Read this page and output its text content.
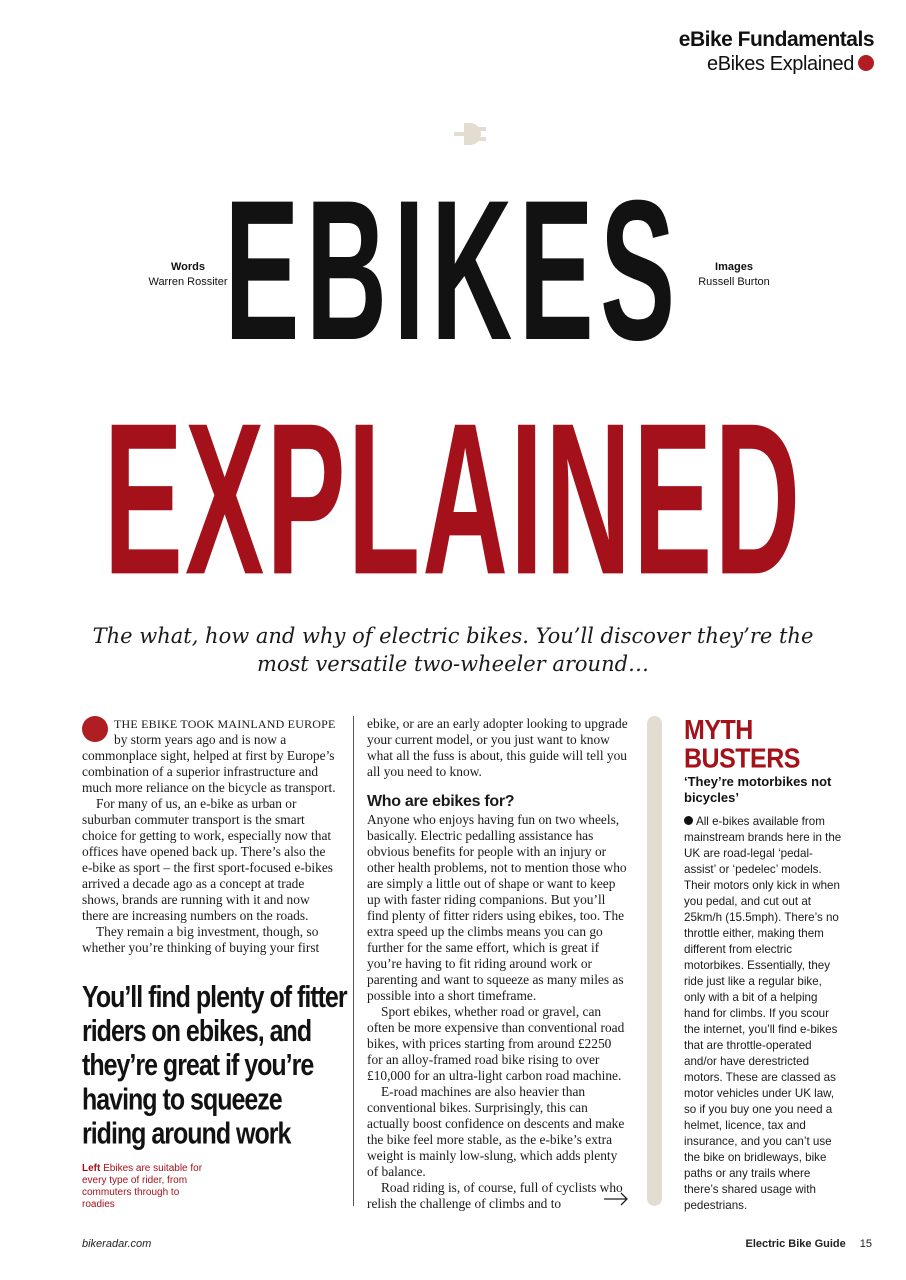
eBike Fundamentals
eBikes Explained
Words
Warren Rossiter
Images
Russell Burton
EBIKES
EXPLAINED
The what, how and why of electric bikes. You’ll discover they’re the
most versatile two-wheeler around…

THE EBIKE TOOK MAINLAND EUROPE by storm years ago and is now a commonplace sight, helped at first by Europe’s combination of a superior infrastructure and much more reliance on the bicycle as transport.

For many of us, an e-bike as urban or suburban commuter transport is the smart choice for getting to work, especially now that offices have opened back up. There’s also the e-bike as sport – the first sport-focused e-bikes arrived a decade ago as a concept at trade shows, brands are running with it and now there are increasing numbers on the roads.

They remain a big investment, though, so whether you’re thinking of buying your first

You’ll find plenty of fitter riders on ebikes, and they’re great if you’re having to squeeze riding around work
Left Ebikes are suitable for every type of rider, from commuters through to roadies

ebike, or are an early adopter looking to upgrade your current model, or you just want to know what all the fuss is about, this guide will tell you all you need to know.

Who are ebikes for?

Anyone who enjoys having fun on two wheels, basically. Electric pedalling assistance has obvious benefits for people with an injury or other health problems, not to mention those who are simply a little out of shape or want to keep up with faster riding companions. But you’ll find plenty of fitter riders using ebikes, too. The extra speed up the climbs means you can go further for the same effort, which is great if you’re having to fit riding around work or parenting and want to squeeze as many miles as possible into a short timeframe.

Sport ebikes, whether road or gravel, can often be more expensive than conventional road bikes, with prices starting from around £2250 for an alloy-framed road bike rising to over £10,000 for an ultra-light carbon road machine.

E-road machines are also heavier than conventional bikes. Surprisingly, this can actually boost confidence on descents and make the bike feel more stable, as the e-bike’s extra weight is mainly low-slung, which adds plenty of balance.

Road riding is, of course, full of cyclists who relish the challenge of climbs and to

MYTH
BUSTERS
‘They’re motorbikes not bicycles’
All e-bikes available from mainstream brands here in the UK are road-legal ‘pedal-assist’ or ‘pedelec’ models. Their motors only kick in when you pedal, and cut out at 25km/h (15.5mph). There’s no throttle either, making them different from electric motorbikes. Essentially, they ride just like a regular bike, only with a bit of a helping hand for climbs. If you scour the internet, you’ll find e-bikes that are throttle-operated and/or have derestricted motors. These are classed as motor vehicles under UK law, so if you buy one you need a helmet, licence, tax and insurance, and you can’t use the bike on bridleways, bike paths or any trails where there’s shared usage with pedestrians.
bikeradar.com	Electric Bike Guide 15
